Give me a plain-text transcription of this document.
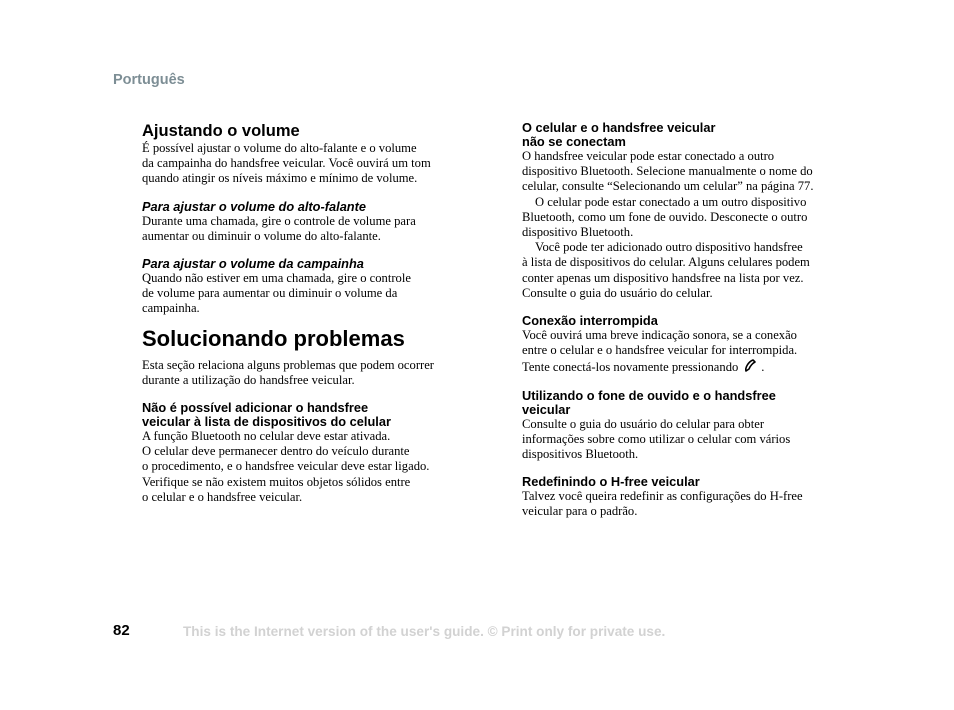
Português
Ajustando o volume

É possível ajustar o volume do alto-falante e o volume
da campainha do handsfree veicular. Você ouvirá um tom
quando atingir os níveis máximo e mínimo de volume.

Para ajustar o volume do alto-falante

Durante uma chamada, gire o controle de volume para
aumentar ou diminuir o volume do alto-falante.

Para ajustar o volume da campainha

Quando não estiver em uma chamada, gire o controle
de volume para aumentar ou diminuir o volume da
campainha.

Solucionando problemas

Esta seção relaciona alguns problemas que podem ocorrer
durante a utilização do handsfree veicular.

Não é possível adicionar o handsfree
veicular à lista de dispositivos do celular

A função Bluetooth no celular deve estar ativada.
O celular deve permanecer dentro do veículo durante
o procedimento, e o handsfree veicular deve estar ligado.
Verifique se não existem muitos objetos sólidos entre
o celular e o handsfree veicular.

O celular e o handsfree veicular
não se conectam

O handsfree veicular pode estar conectado a outro
dispositivo Bluetooth. Selecione manualmente o nome do
celular, consulte “Selecionando um celular” na página 77.
O celular pode estar conectado a um outro dispositivo
Bluetooth, como um fone de ouvido. Desconecte o outro
dispositivo Bluetooth.
Você pode ter adicionado outro dispositivo handsfree
à lista de dispositivos do celular. Alguns celulares podem
conter apenas um dispositivo handsfree na lista por vez.
Consulte o guia do usuário do celular.

Conexão interrompida

Você ouvirá uma breve indicação sonora, se a conexão
entre o celular e o handsfree veicular for interrompida.
Tente conectá-los novamente pressionando .

Utilizando o fone de ouvido e o handsfree
veicular

Consulte o guia do usuário do celular para obter
informações sobre como utilizar o celular com vários
dispositivos Bluetooth.

Redefinindo o H-free veicular

Talvez você queira redefinir as configurações do H-free
veicular para o padrão.

82	This is the Internet version of the user's guide. © Print only for private use.
